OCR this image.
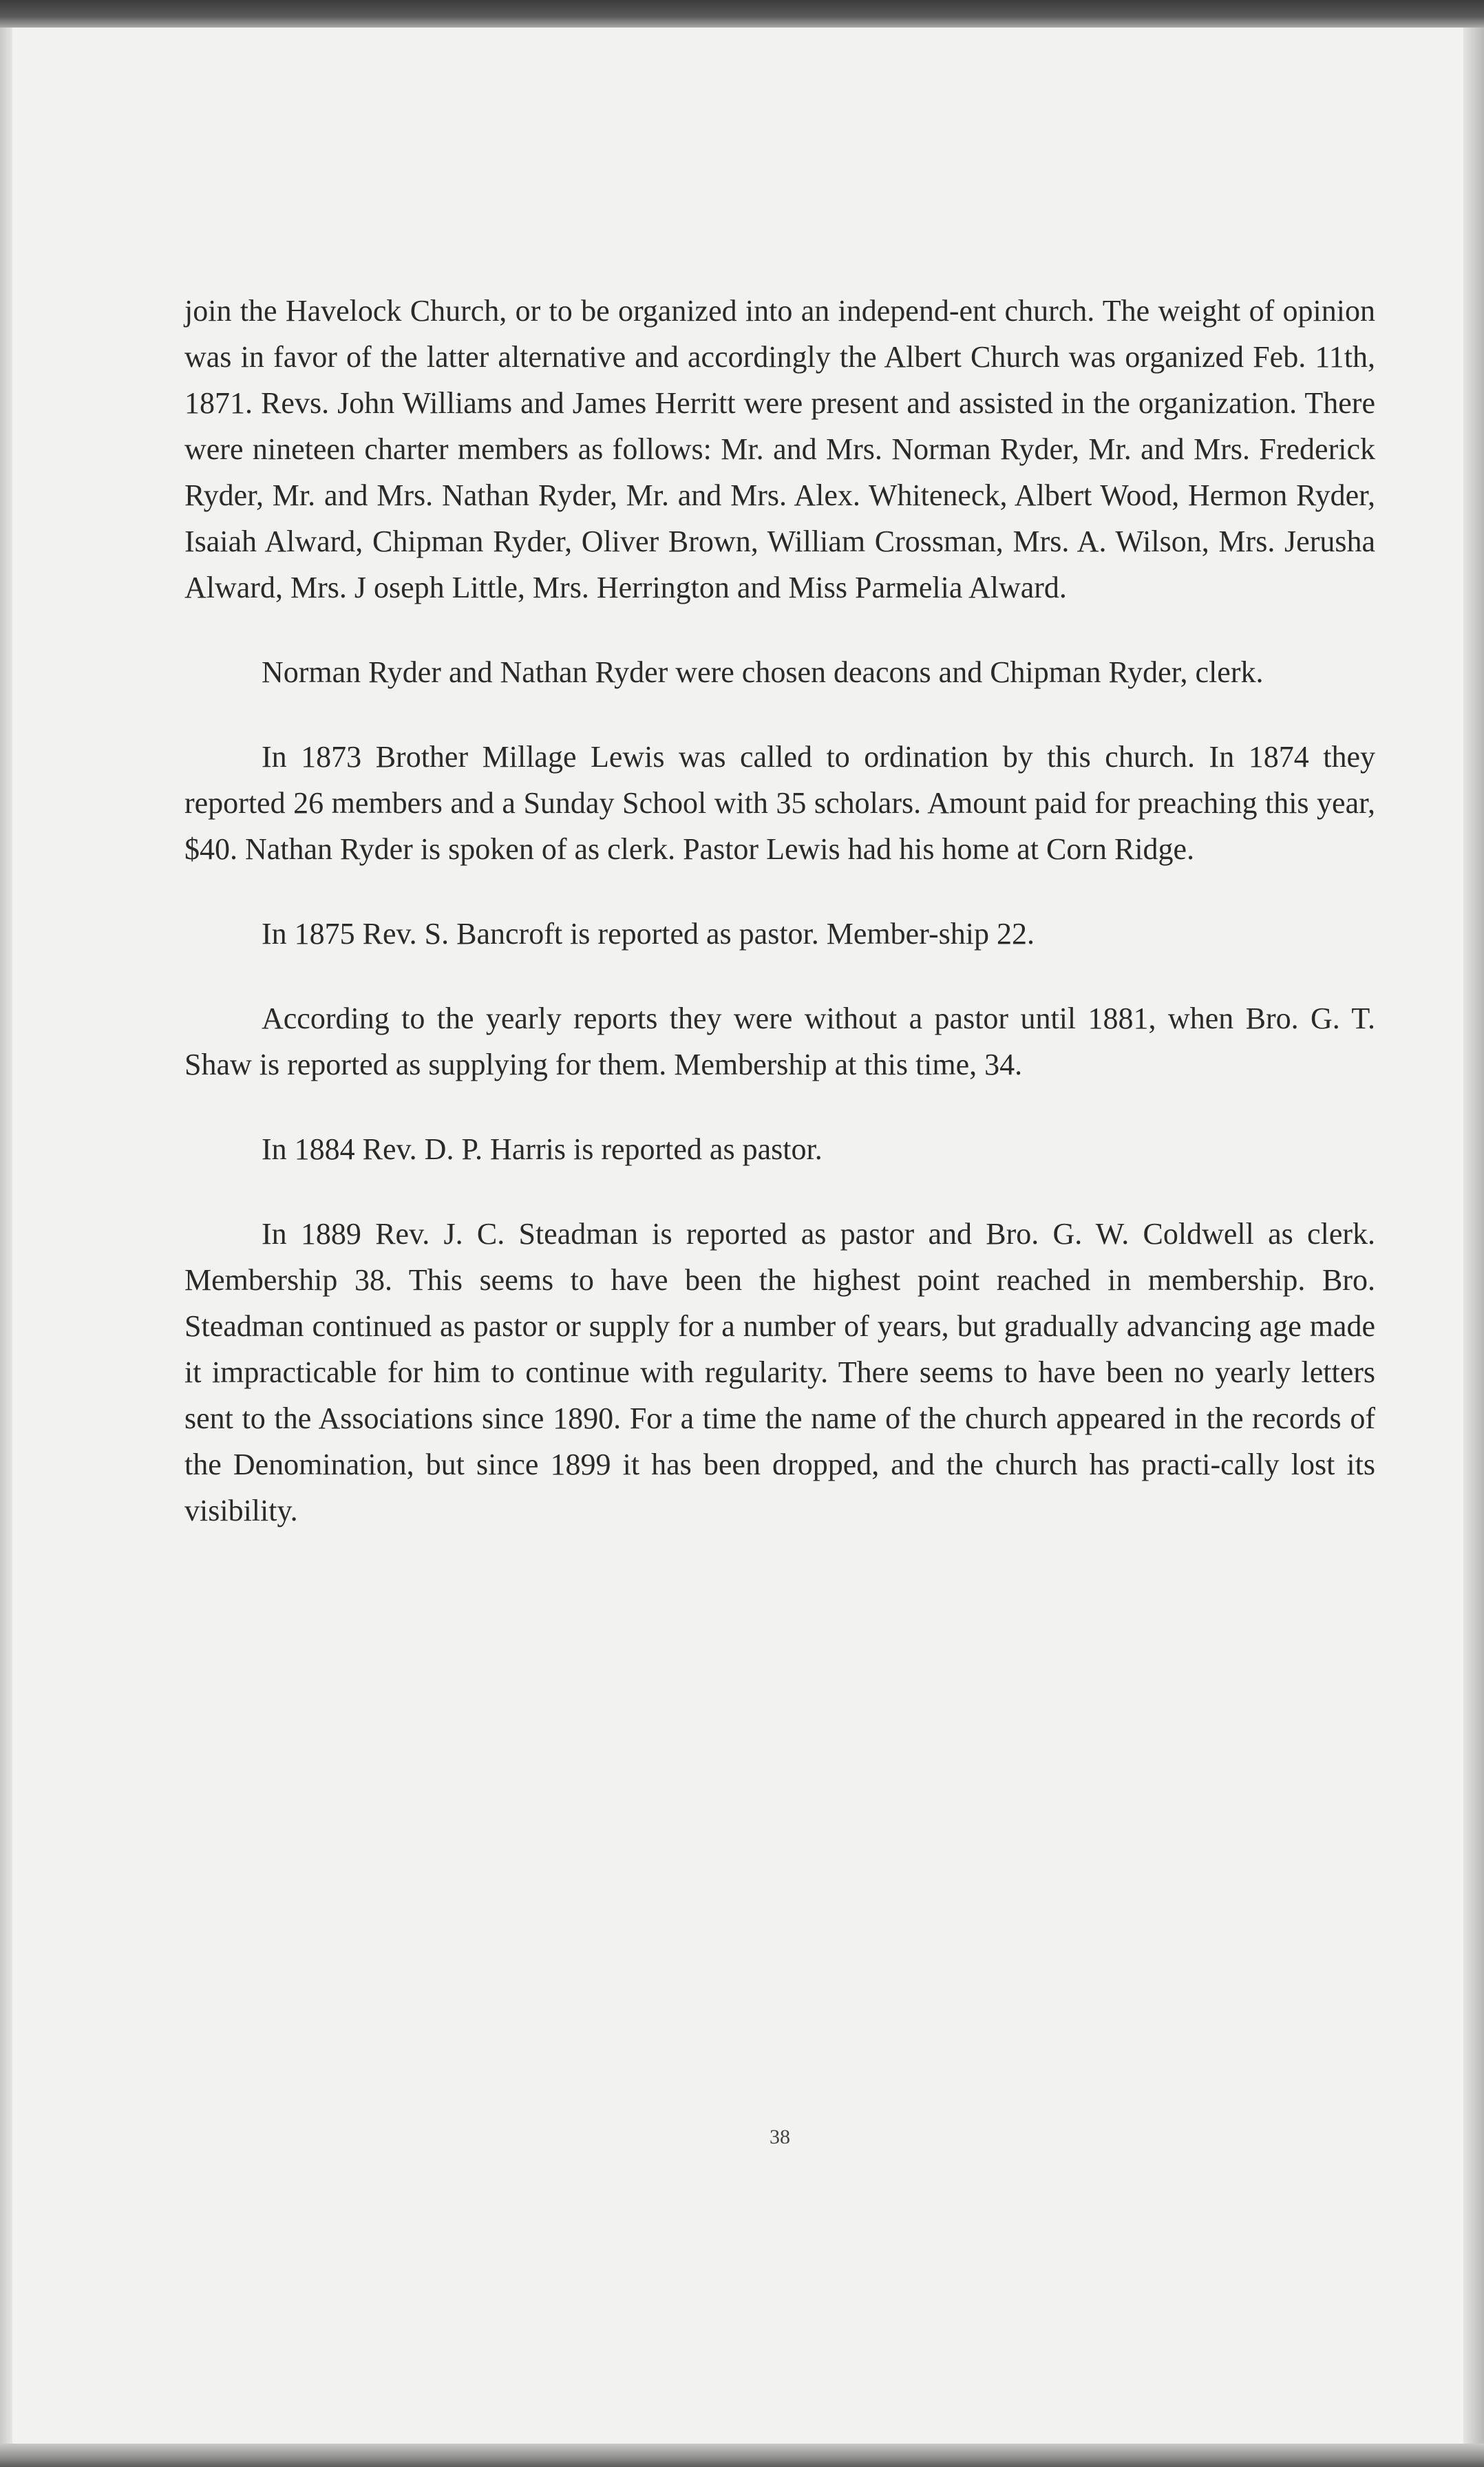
join the Havelock Church, or to be organized into an independ-ent church. The weight of opinion was in favor of the latter alternative and accordingly the Albert Church was organized Feb. 11th, 1871. Revs. John Williams and James Herritt were present and assisted in the organization. There were nineteen charter members as follows: Mr. and Mrs. Norman Ryder, Mr. and Mrs. Frederick Ryder, Mr. and Mrs. Nathan Ryder, Mr. and Mrs. Alex. Whiteneck, Albert Wood, Hermon Ryder, Isaiah Alward, Chipman Ryder, Oliver Brown, William Crossman, Mrs. A. Wilson, Mrs. Jerusha Alward, Mrs. J oseph Little, Mrs. Herrington and Miss Parmelia Alward.

Norman Ryder and Nathan Ryder were chosen deacons and Chipman Ryder, clerk.

In 1873 Brother Millage Lewis was called to ordination by this church. In 1874 they reported 26 members and a Sunday School with 35 scholars. Amount paid for preaching this year, $40. Nathan Ryder is spoken of as clerk. Pastor Lewis had his home at Corn Ridge.

In 1875 Rev. S. Bancroft is reported as pastor. Member-ship 22.

According to the yearly reports they were without a pastor until 1881, when Bro. G. T. Shaw is reported as supplying for them. Membership at this time, 34.

In 1884 Rev. D. P. Harris is reported as pastor.

In 1889 Rev. J. C. Steadman is reported as pastor and Bro. G. W. Coldwell as clerk. Membership 38. This seems to have been the highest point reached in membership. Bro. Steadman continued as pastor or supply for a number of years, but gradually advancing age made it impracticable for him to continue with regularity. There seems to have been no yearly letters sent to the Associations since 1890. For a time the name of the church appeared in the records of the Denomination, but since 1899 it has been dropped, and the church has practi-cally lost its visibility.

38
